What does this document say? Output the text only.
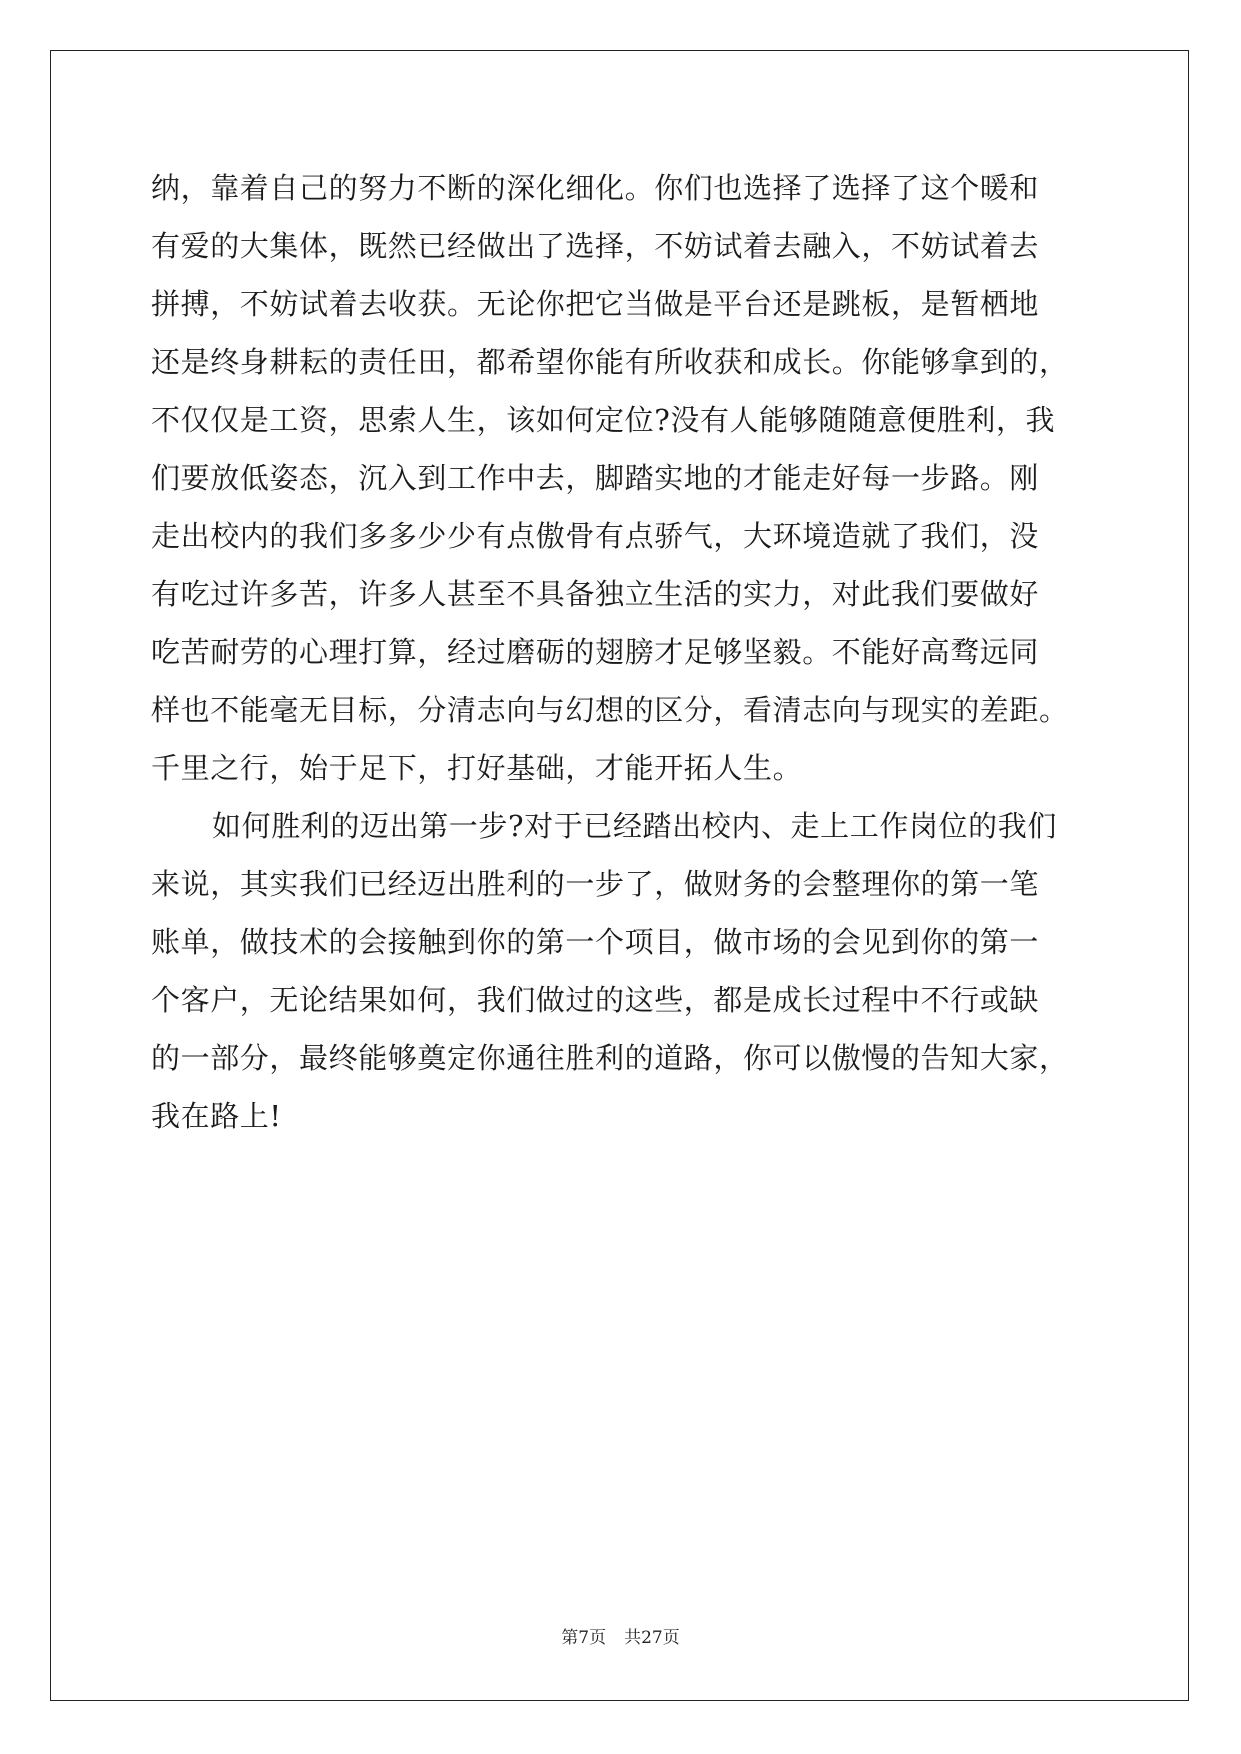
纳，靠着自己的努力不断的深化细化。你们也选择了选择了这个暖和
有爱的大集体，既然已经做出了选择，不妨试着去融入，不妨试着去
拼搏，不妨试着去收获。无论你把它当做是平台还是跳板，是暂栖地
还是终身耕耘的责任田，都希望你能有所收获和成长。你能够拿到的，
不仅仅是工资，思索人生，该如何定位?没有人能够随随意便胜利，我
们要放低姿态，沉入到工作中去，脚踏实地的才能走好每一步路。刚
走出校内的我们多多少少有点傲骨有点骄气，大环境造就了我们，没
有吃过许多苦，许多人甚至不具备独立生活的实力，对此我们要做好
吃苦耐劳的心理打算，经过磨砺的翅膀才足够坚毅。不能好高骛远同
样也不能毫无目标，分清志向与幻想的区分，看清志向与现实的差距。
千里之行，始于足下，打好基础，才能开拓人生。
如何胜利的迈出第一步?对于已经踏出校内、走上工作岗位的我们
来说，其实我们已经迈出胜利的一步了，做财务的会整理你的第一笔
账单，做技术的会接触到你的第一个项目，做市场的会见到你的第一
个客户，无论结果如何，我们做过的这些，都是成长过程中不行或缺
的一部分，最终能够奠定你通往胜利的道路，你可以傲慢的告知大家，
我在路上!
第7页 共27页
